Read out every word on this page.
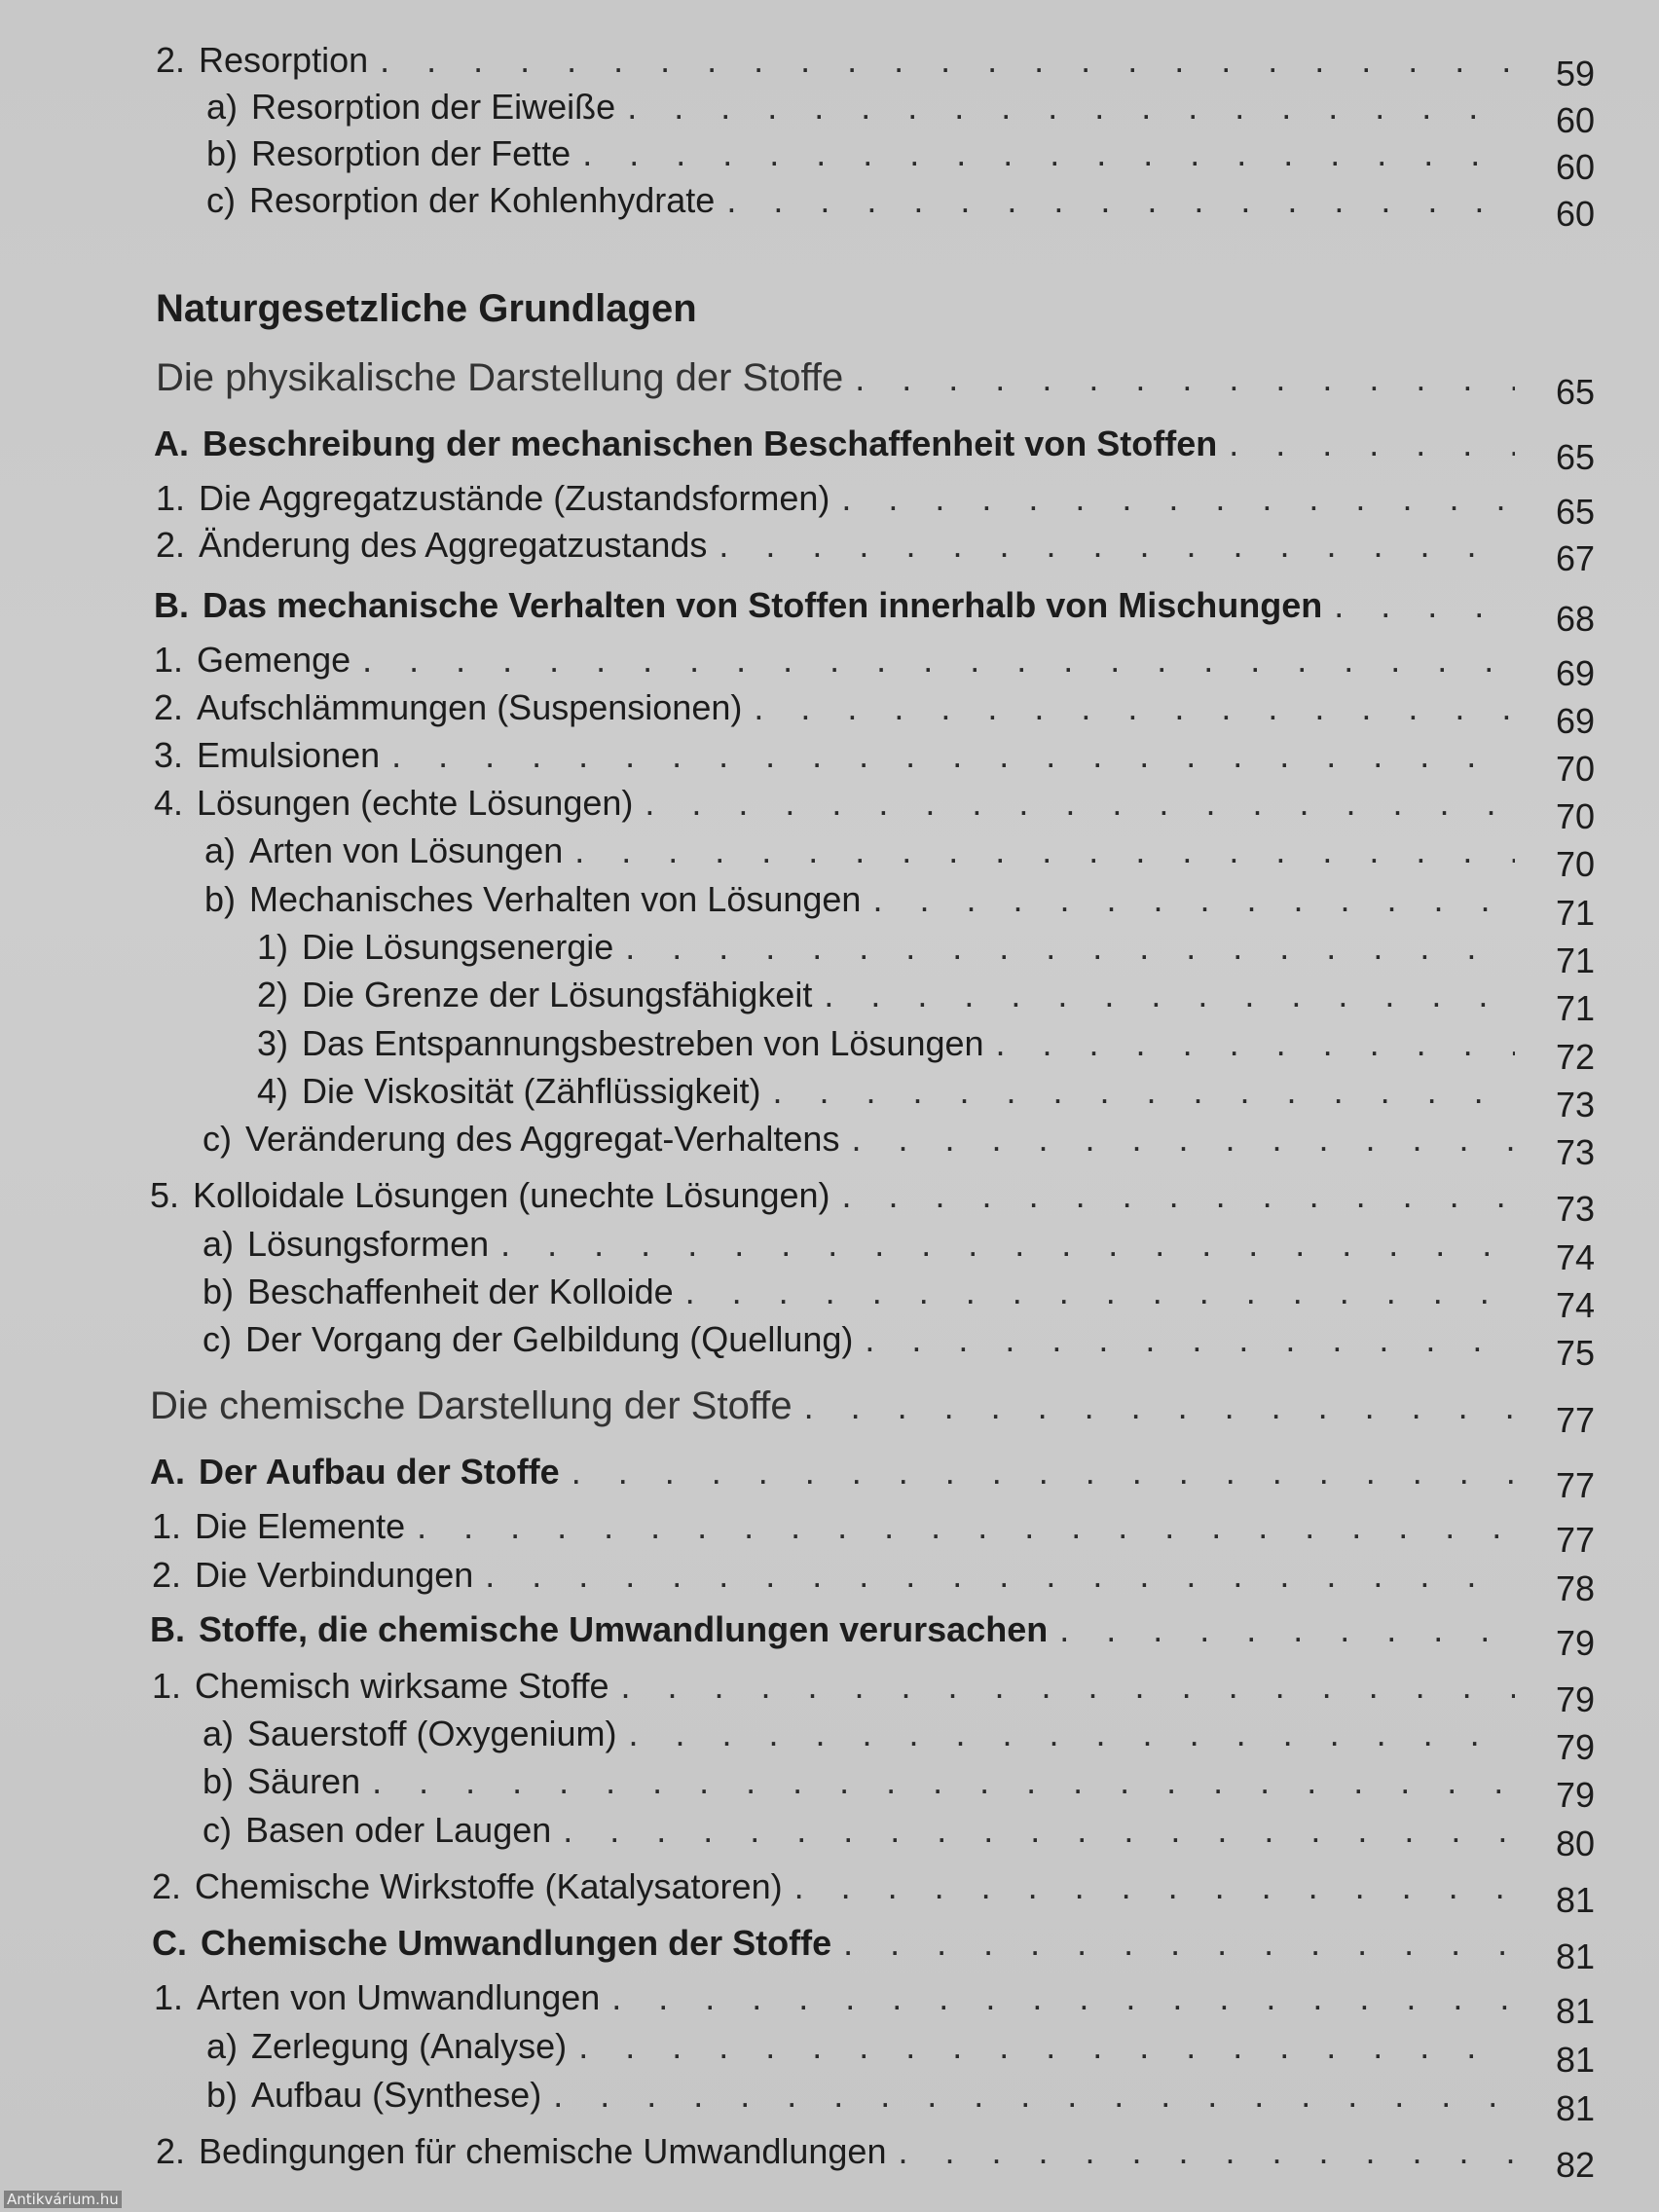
Naturgesetzliche Grundlagen
2. Resorption . . .	59
a) Resorption der Eiweiße . . .	60
b) Resorption der Fette . . .	60
c) Resorption der Kohlenhydrate . . .	60
Die physikalische Darstellung der Stoffe . . .	65
A. Beschreibung der mechanischen Beschaffenheit von Stoffen . . .	65
1. Die Aggregatzustände (Zustandsformen) . . .	65
2. Änderung des Aggregatzustands . . .	67
B. Das mechanische Verhalten von Stoffen innerhalb von Mischungen . . .	68
1. Gemenge . . .	69
2. Aufschlämmungen (Suspensionen) . . .	69
3. Emulsionen . . .	70
4. Lösungen (echte Lösungen) . . .	70
a) Arten von Lösungen . . .	70
b) Mechanisches Verhalten von Lösungen . . .	71
1) Die Lösungsenergie . . .	71
2) Die Grenze der Lösungsfähigkeit . . .	71
3) Das Entspannungsbestreben von Lösungen . . .	72
4) Die Viskosität (Zähflüssigkeit) . . .	73
c) Veränderung des Aggregat-Verhaltens . . .	73
5. Kolloidale Lösungen (unechte Lösungen) . . .	73
a) Lösungsformen . . .	74
b) Beschaffenheit der Kolloide . . .	74
c) Der Vorgang der Gelbildung (Quellung) . . .	75
Die chemische Darstellung der Stoffe . . .	77
A. Der Aufbau der Stoffe . . .	77
1. Die Elemente . . .	77
2. Die Verbindungen . . .	78
B. Stoffe, die chemische Umwandlungen verursachen . . .	79
1. Chemisch wirksame Stoffe . . .	79
a) Sauerstoff (Oxygenium) . . .	79
b) Säuren . . .	79
c) Basen oder Laugen . . .	80
2. Chemische Wirkstoffe (Katalysatoren) . . .	81
C. Chemische Umwandlungen der Stoffe . . .	81
1. Arten von Umwandlungen . . .	81
a) Zerlegung (Analyse) . . .	81
b) Aufbau (Synthese) . . .	81
2. Bedingungen für chemische Umwandlungen . . .	82
Antikvárium.hu
